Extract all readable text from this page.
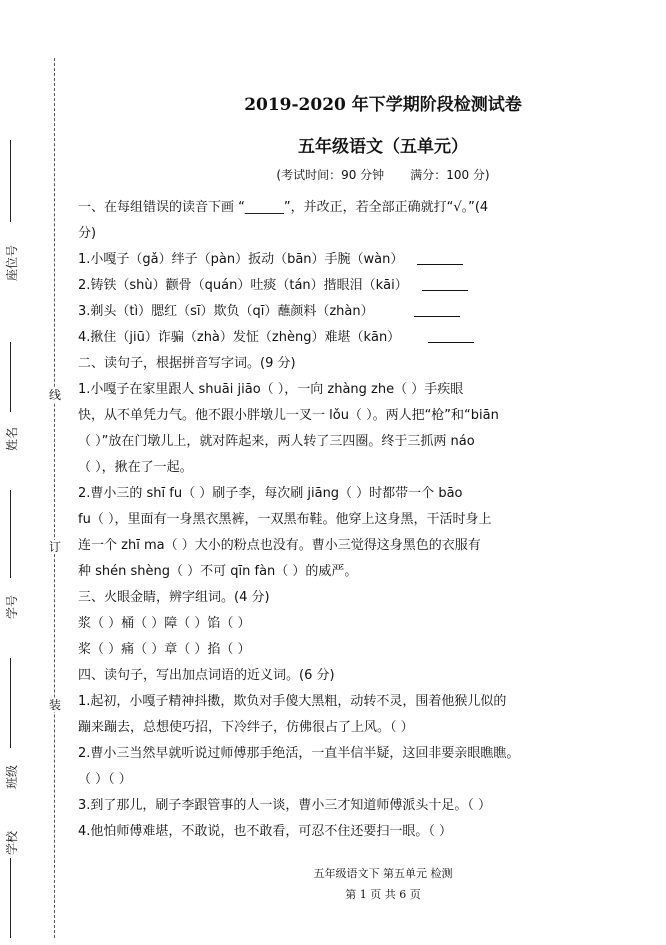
线
订
装
座位号
姓名
学号
班级
学校
2019-2020 年下学期阶段检测试卷
五年级语文（五单元）
(考试时间：90 分钟 满分：100 分)
一、在每组错误的读音下画 “______”，并改正，若全部正确就打“√。”(4
分)
1.小嘎子（gǎ）绊子（pàn）扳动（bān）手腕（wàn）
2.铸铁（shù）颧骨（quán）吐痰（tán）揩眼泪（kāi）
3.剃头（tì）腮红（sī）欺负（qī）蘸颜料（zhàn）
4.揪住（jiū）诈骗（zhà）发怔（zhèng）难堪（kān）
二、读句子，根据拼音写字词。(9 分)
1.小嘎子在家里跟人 shuāi jiāo（ ），一向 zhàng zhe（ ）手疾眼
快，从不单凭力气。他不跟小胖墩儿一叉一 lǒu（ ）。两人把“枪”和“biān
（ ）”放在门墩儿上，就对阵起来，两人转了三四圈。终于三抓两 náo
（ ），揪在了一起。
2.曹小三的 shī fu（ ）刷子李，每次刷 jiāng（ ）时都带一个 bāo
fu（ ），里面有一身黑衣黑裤，一双黑布鞋。他穿上这身黑，干活时身上
连一个 zhī ma（ ）大小的粉点也没有。曹小三觉得这身黑色的衣服有
种 shén shèng（ ）不可 qīn fàn（ ）的威严。
三、火眼金睛，辨字组词。(4 分)
浆（ ）桶（ ）障（ ）馅（ ）
桨（ ）痛（ ）章（ ）掐（ ）
四、读句子，写出加点词语的近义词。(6 分)
1.起初，小嘎子精神抖擞，欺负对手傻大黑粗，动转不灵，围着他猴儿似的
蹦来蹦去，总想使巧招，下冷绊子，仿佛很占了上风。（ ）
2.曹小三当然早就听说过师傅那手绝活，一直半信半疑，这回非要亲眼瞧瞧。
（ ）（ ）
3.到了那儿，刷子李跟管事的人一谈，曹小三才知道师傅派头十足。（ ）
4.他怕师傅难堪，不敢说，也不敢看，可忍不住还要扫一眼。（ ）
五年级语文下 第五单元 检测
第 1 页 共 6 页
